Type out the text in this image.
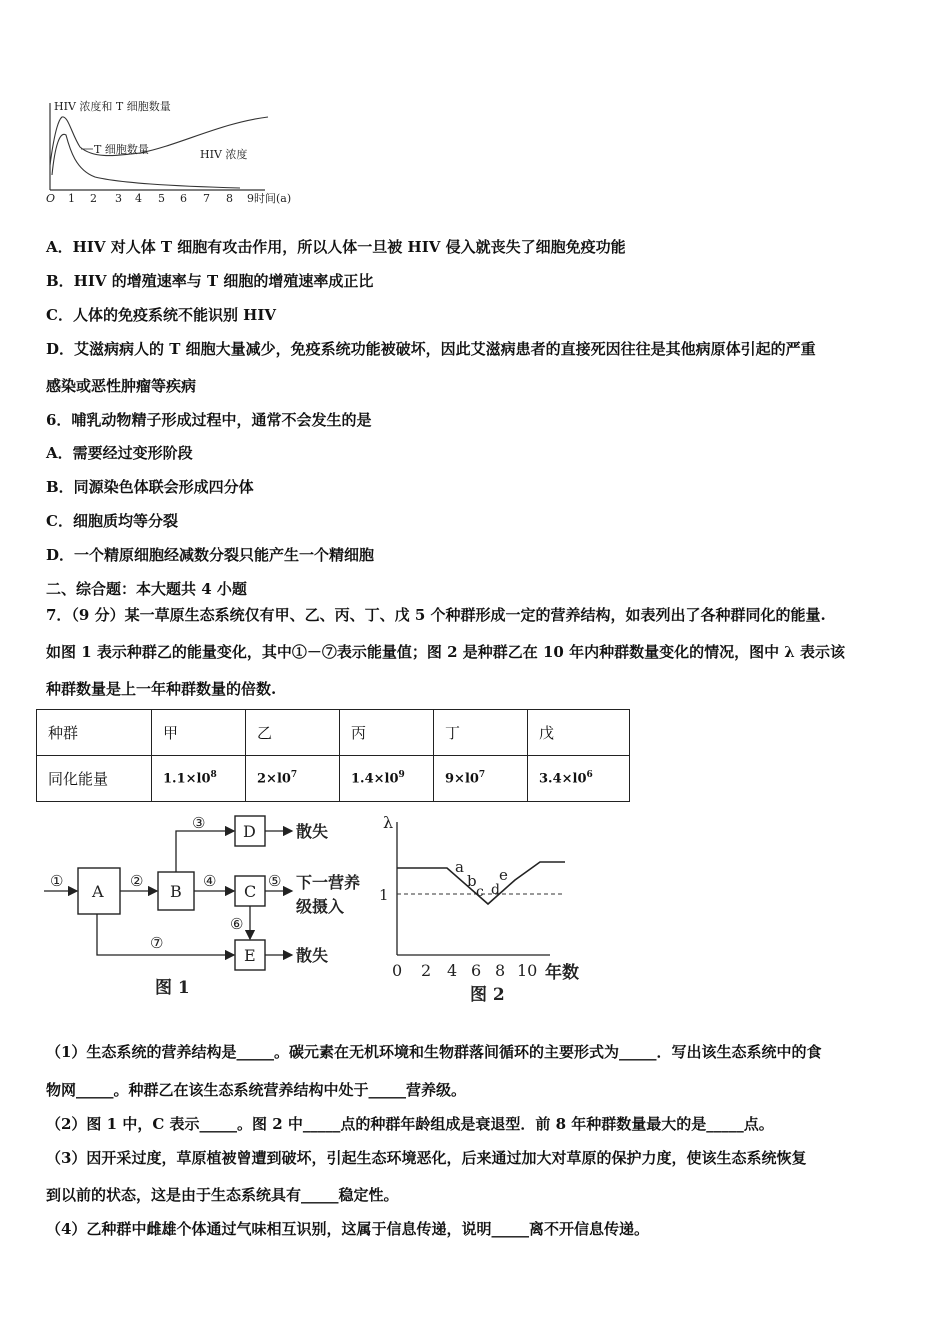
HIV 浓度和 T 细胞数量
T 细胞数量	HIV 浓度
O 1 2 3 4 5 6 7 8 9 时间(a)
A．HIV 对人体 T 细胞有攻击作用，所以人体一旦被 HIV 侵入就丧失了细胞免疫功能
B．HIV 的增殖速率与 T 细胞的增殖速率成正比
C．人体的免疫系统不能识别 HIV
D．艾滋病病人的 T 细胞大量减少，免疫系统功能被破坏，因此艾滋病患者的直接死因往往是其他病原体引起的严重
感染或恶性肿瘤等疾病
6．哺乳动物精子形成过程中，通常不会发生的是
A．需要经过变形阶段
B．同源染色体联会形成四分体
C．细胞质均等分裂
D．一个精原细胞经减数分裂只能产生一个精细胞
二、综合题：本大题共 4 小题
7．（9 分）某一草原生态系统仅有甲、乙、丙、丁、戊 5 个种群形成一定的营养结构，如表列出了各种群同化的能量.
如图 1 表示种群乙的能量变化，其中①－⑦表示能量值；图 2 是种群乙在 10 年内种群数量变化的情况，图中 λ 表示该
种群数量是上一年种群数量的倍数.
种群	甲	乙	丙	丁	戊
同化能量	$1.1\times l0^8$	$2\times l0^7$	$1.4\times l0^9$	$9\times l0^7$	$3.4\times l0^6$
A	B	C
D
E
①	②
③
④	⑤
⑥
⑦
散失
下一营养
级摄入
散失
图 1
λ
1
a
b
c d
e
0 2 4 6 8 10 年数
图 2
（1）生态系统的营养结构是_____。碳元素在无机环境和生物群落间循环的主要形式为_____．写出该生态系统中的食
物网_____。种群乙在该生态系统营养结构中处于_____营养级。
（2）图 1 中，C 表示_____。图 2 中_____点的种群年龄组成是衰退型．前 8 年种群数量最大的是_____点。
（3）因开采过度，草原植被曾遭到破坏，引起生态环境恶化，后来通过加大对草原的保护力度，使该生态系统恢复
到以前的状态，这是由于生态系统具有_____稳定性。
（4）乙种群中雌雄个体通过气味相互识别，这属于信息传递，说明_____离不开信息传递。
